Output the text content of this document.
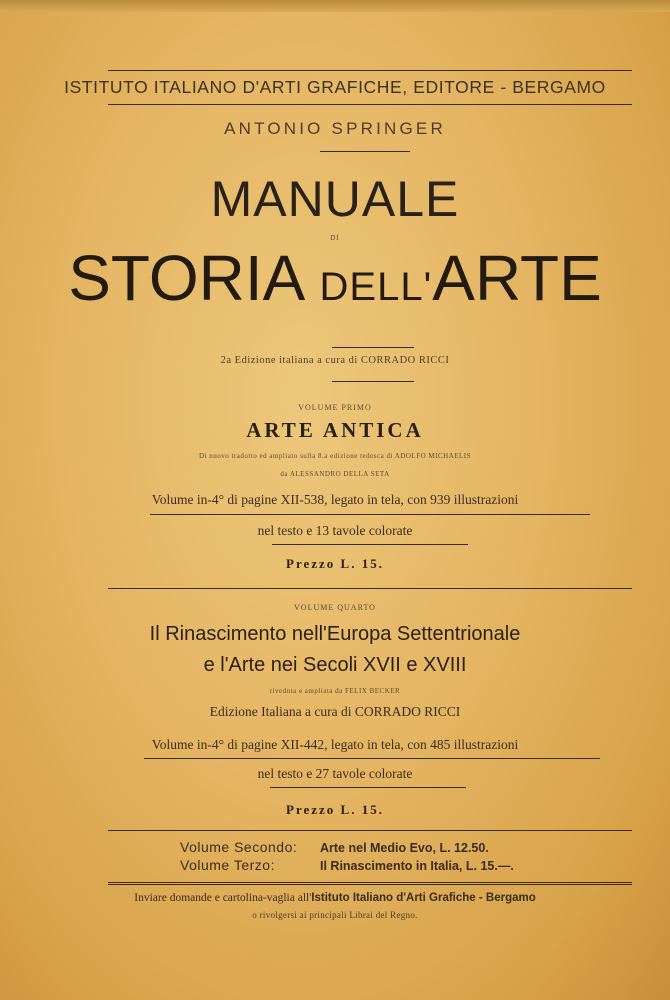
ISTITUTO ITALIANO D'ARTI GRAFICHE, EDITORE - BERGAMO
ANTONIO SPRINGER
MANUALE
DI
STORIA DELL'ARTE
2a Edizione italiana a cura di CORRADO RICCI
VOLUME PRIMO
ARTE ANTICA
Di nuovo tradotto ed ampliato sulla 8.a edizione tedesca di ADOLFO MICHAELIS
da ALESSANDRO DELLA SETA
Volume in-4° di pagine XII-538, legato in tela, con 939 illustrazioni
nel testo e 13 tavole colorate
Prezzo L. 15.
VOLUME QUARTO
Il Rinascimento nell'Europa Settentrionale
e l'Arte nei Secoli XVII e XVIII
riveduta e ampliata da FELIX BECKER
Edizione Italiana a cura di CORRADO RICCI
Volume in-4° di pagine XII-442, legato in tela, con 485 illustrazioni
nel testo e 27 tavole colorate
Prezzo L. 15.
Volume Secondo: Arte nel Medio Evo, L. 12.50.
Volume Terzo:	Il Rinascimento in Italia, L. 15.—.
Inviare domande e cartolina-vaglia all'Istituto Italiano d'Arti Grafiche - Bergamo
o rivolgersi ai principali Librai del Regno.
